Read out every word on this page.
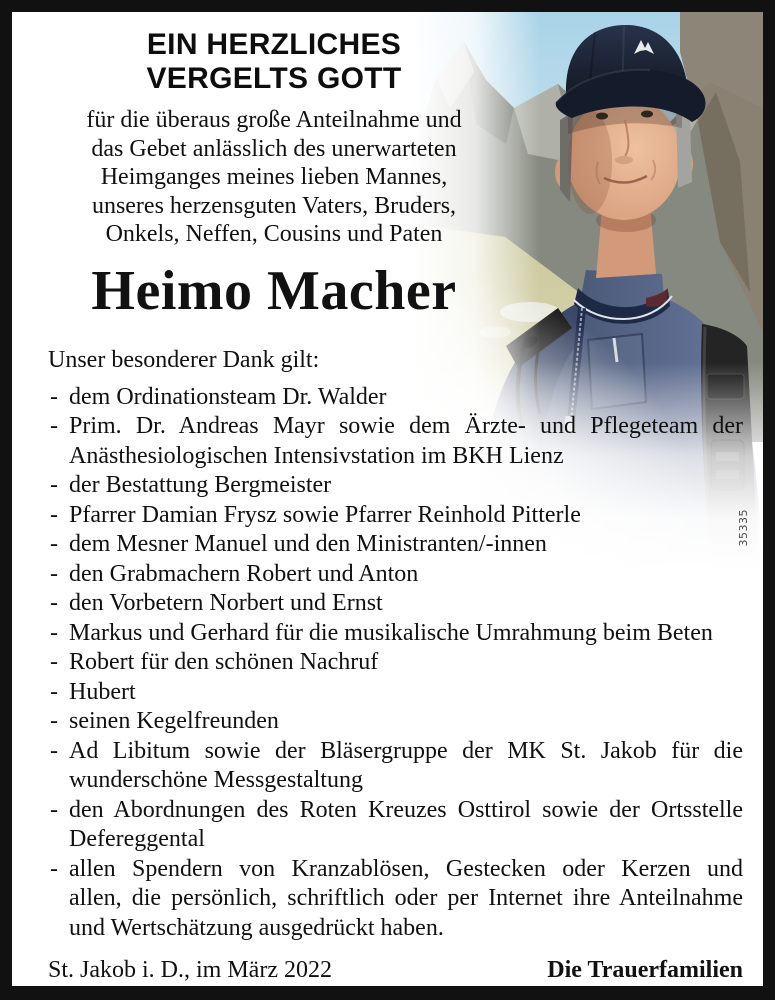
35335
EIN HERZLICHES
VERGELTS GOTT
für die überaus große Anteilnahme und
das Gebet anlässlich des unerwarteten
Heimganges meines lieben Mannes,
unseres herzensguten Vaters, Bruders,
Onkels, Neffen, Cousins und Paten
Heimo Macher
Unser besonderer Dank gilt:
- dem Ordinationsteam Dr. Walder
- Prim. Dr. Andreas Mayr sowie dem Ärzte- und Pflegeteam der
Anästhesiologischen Intensivstation im BKH Lienz
- der Bestattung Bergmeister
- Pfarrer Damian Frysz sowie Pfarrer Reinhold Pitterle
- dem Mesner Manuel und den Ministranten/-innen
- den Grabmachern Robert und Anton
- den Vorbetern Norbert und Ernst
- Markus und Gerhard für die musikalische Umrahmung beim Beten
- Robert für den schönen Nachruf
- Hubert
- seinen Kegelfreunden
- Ad Libitum sowie der Bläsergruppe der MK St. Jakob für die
wunderschöne Messgestaltung
- den Abordnungen des Roten Kreuzes Osttirol sowie der Ortsstelle
Defereggental
- allen Spendern von Kranzablösen, Gestecken oder Kerzen und
allen, die persönlich, schriftlich oder per Internet ihre Anteilnahme
und Wertschätzung ausgedrückt haben.
St. Jakob i. D., im März 2022	Die Trauerfamilien
